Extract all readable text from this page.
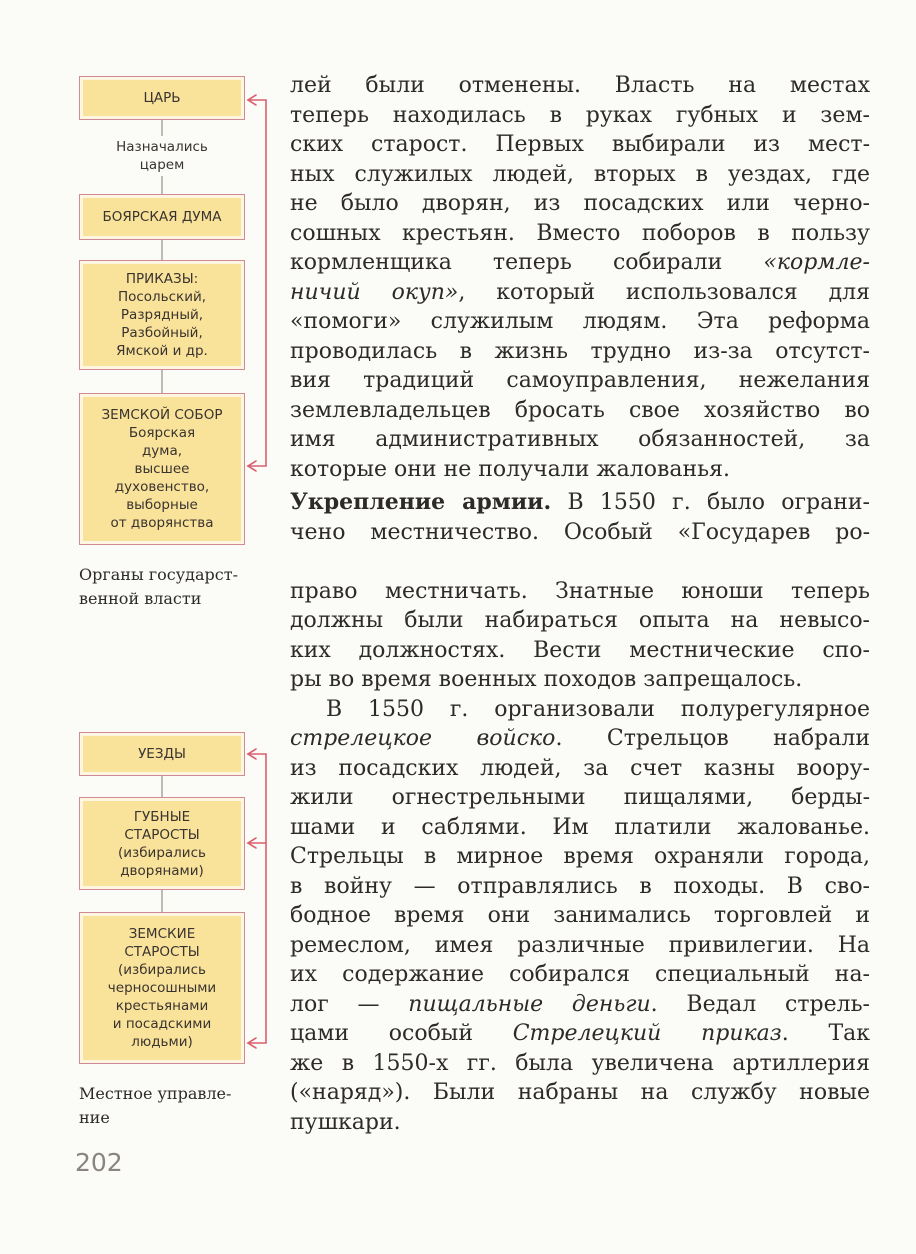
ЦАРЬ
Назначались
царем
БОЯРСКАЯ ДУМА
ПРИКАЗЫ:
Посольский,
Разрядный,
Разбойный,
Ямской и др.
ЗЕМСКОЙ СОБОР
Боярская
дума,
высшее
духовенство,
выборные
от дворянства
Органы государст-
венной власти
УЕЗДЫ
ГУБНЫЕ
СТАРОСТЫ
(избирались
дворянами)
ЗЕМСКИЕ
СТАРОСТЫ
(избирались
черносошными
крестьянами
и посадскими
людьми)
Местное управле-
ние
лей были отменены. Власть на местах
теперь находилась в руках губных и зем-
ских старост. Первых выбирали из мест-
ных служилых людей, вторых в уездах, где
не было дворян, из посадских или черно-
сошных крестьян. Вместо поборов в пользу
кормленщика теперь собирали «кормле-
ничий окуп», который использовался для
«помоги» служилым людям. Эта реформа
проводилась в жизнь трудно из-за отсутст-
вия традиций самоуправления, нежелания
землевладельцев бросать свое хозяйство во
имя административных обязанностей, за
которые они не получали жалованья.
Укрепление армии. В 1550 г. было ограни-
чено местничество. Особый «Государев ро-
право местничать. Знатные юноши теперь
должны были набираться опыта на невысо-
ких должностях. Вести местнические спо-
ры во время военных походов запрещалось.
В 1550 г. организовали полурегулярное
стрелецкое войско. Стрельцов набрали
из посадских людей, за счет казны воору-
жили огнестрельными пищалями, берды-
шами и саблями. Им платили жалованье.
Стрельцы в мирное время охраняли города,
в войну — отправлялись в походы. В сво-
бодное время они занимались торговлей и
ремеслом, имея различные привилегии. На
их содержание собирался специальный на-
лог — пищальные деньги. Ведал стрель-
цами особый Стрелецкий приказ. Так
же в 1550-х гг. была увеличена артиллерия
(«наряд»). Были набраны на службу новые
пушкари.
202
